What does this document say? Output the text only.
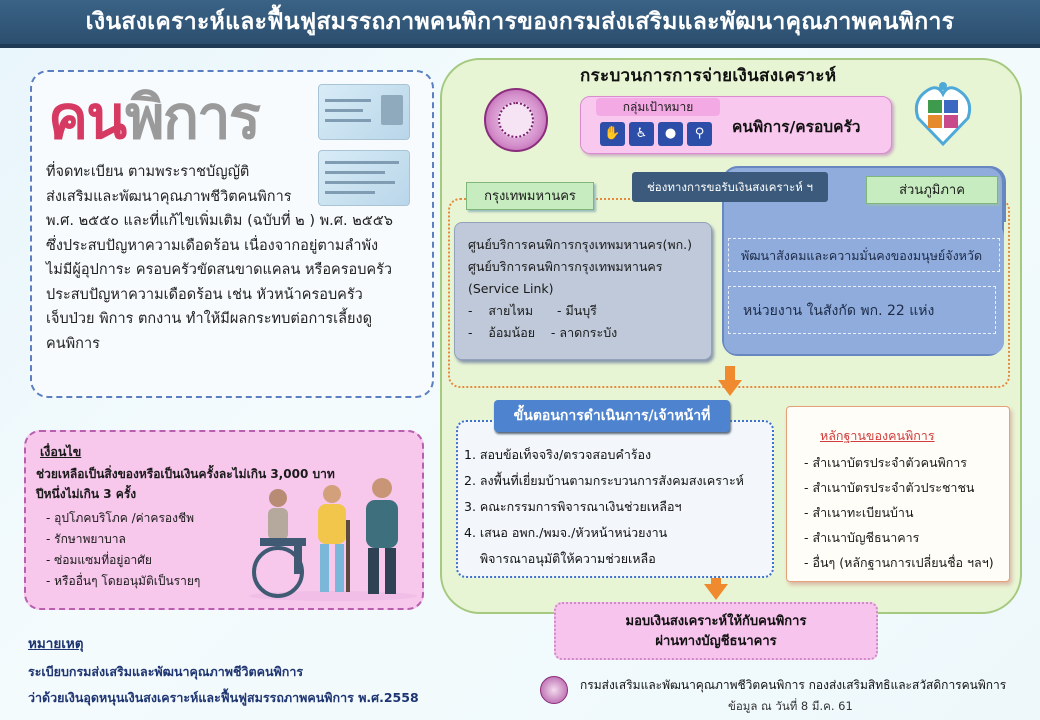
เงินสงเคราะห์และฟื้นฟูสมรรถภาพคนพิการของกรมส่งเสริมและพัฒนาคุณภาพคนพิการ
คนพิการ
ที่จดทะเบียน ตามพระราชบัญญัติ
ส่งเสริมและพัฒนาคุณภาพชีวิตคนพิการ
พ.ศ. ๒๕๕๐ และที่แก้ไขเพิ่มเติม (ฉบับที่ ๒ ) พ.ศ. ๒๕๕๖
ซึ่งประสบปัญหาความเดือดร้อน เนื่องจากอยู่ตามลำพัง
ไม่มีผู้อุปการะ ครอบครัวขัดสนขาดแคลน หรือครอบครัว
ประสบปัญหาความเดือดร้อน เช่น หัวหน้าครอบครัว
เจ็บป่วย พิการ ตกงาน ทำให้มีผลกระทบต่อการเลี้ยงดู
คนพิการ
เงื่อนไข
ช่วยเหลือเป็นสิ่งของหรือเป็นเงินครั้งละไม่เกิน 3,000 บาท
ปีหนึ่งไม่เกิน 3 ครั้ง
- อุปโภคบริโภค /ค่าครองชีพ
- รักษาพยาบาล
- ซ่อมแซมที่อยู่อาศัย
- หรืออื่นๆ โดยอนุมัติเป็นรายๆ
หมายเหตุ
ระเบียบกรมส่งเสริมและพัฒนาคุณภาพชีวิตคนพิการ
ว่าด้วยเงินอุดหนุนเงินสงเคราะห์และฟื้นฟูสมรรถภาพคนพิการ พ.ศ.2558
กระบวนการการจ่ายเงินสงเคราะห์
กลุ่มเป้าหมาย
✋	♿	●	⚲	คนพิการ/ครอบครัว
ส่วนภูมิภาค
พัฒนาสังคมและความมั่นคงของมนุษย์จังหวัด
หน่วยงาน ในสังกัด พก. 22 แห่ง
ช่องทางการขอรับเงินสงเคราะห์ ฯ
กรุงเทพมหานคร
ศูนย์บริการคนพิการกรุงเทพมหานคร(พก.)
ศูนย์บริการคนพิการกรุงเทพมหานคร
(Service Link)
-    สายไหม      - มีนบุรี
-    อ้อมน้อย    - ลาดกระบัง
ขั้นตอนการดำเนินการ/เจ้าหน้าที่
1. สอบข้อเท็จจริง/ตรวจสอบคำร้อง
2. ลงพื้นที่เยี่ยมบ้านตามกระบวนการสังคมสงเคราะห์
3. คณะกรรมการพิจารณาเงินช่วยเหลือฯ
4. เสนอ อพก./พมจ./หัวหน้าหน่วยงาน
พิจารณาอนุมัติให้ความช่วยเหลือ
หลักฐานของคนพิการ
- สำเนาบัตรประจำตัวคนพิการ
- สำเนาบัตรประจำตัวประชาชน
- สำเนาทะเบียนบ้าน
- สำเนาบัญชีธนาคาร
- อื่นๆ (หลักฐานการเปลี่ยนชื่อ ฯลฯ)
มอบเงินสงเคราะห์ให้กับคนพิการ
ผ่านทางบัญชีธนาคาร
กรมส่งเสริมและพัฒนาคุณภาพชีวิตคนพิการ กองส่งเสริมสิทธิและสวัสดิการคนพิการ
ข้อมูล ณ วันที่ 8 มี.ค. 61
